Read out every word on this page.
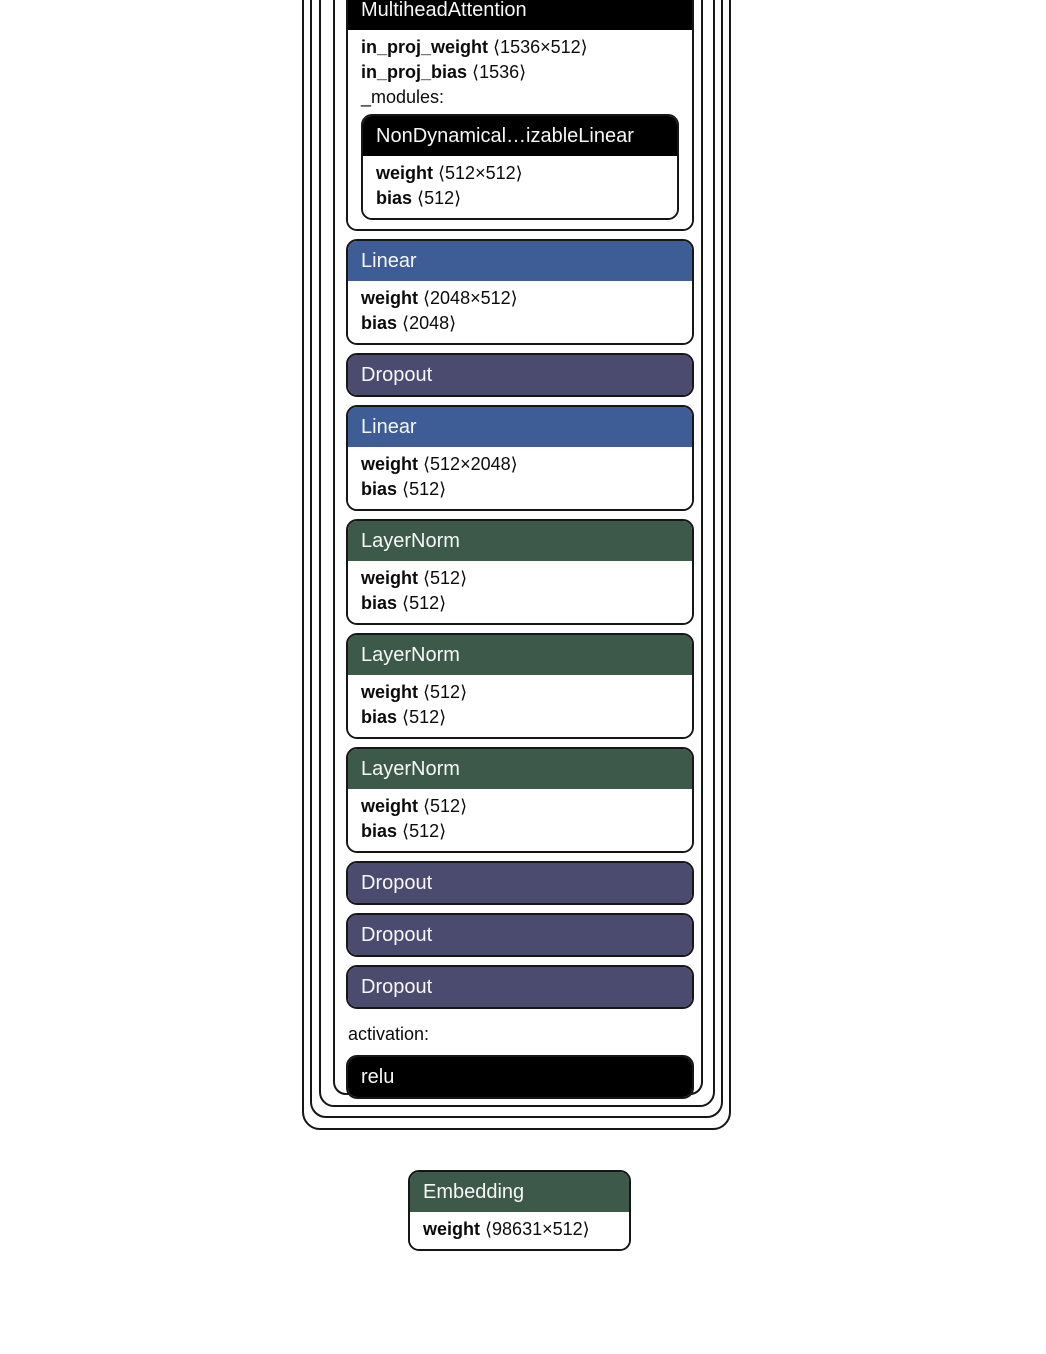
MultiheadAttention
in_proj_weight ⟨1536×512⟩
in_proj_bias ⟨1536⟩
_modules:
NonDynamical…izableLinear
weight ⟨512×512⟩
bias ⟨512⟩
Linear
weight ⟨2048×512⟩
bias ⟨2048⟩
Dropout
Linear
weight ⟨512×2048⟩
bias ⟨512⟩
LayerNorm
weight ⟨512⟩
bias ⟨512⟩
LayerNorm
weight ⟨512⟩
bias ⟨512⟩
LayerNorm
weight ⟨512⟩
bias ⟨512⟩
Dropout
Dropout
Dropout
activation:
relu
Embedding
weight ⟨98631×512⟩
